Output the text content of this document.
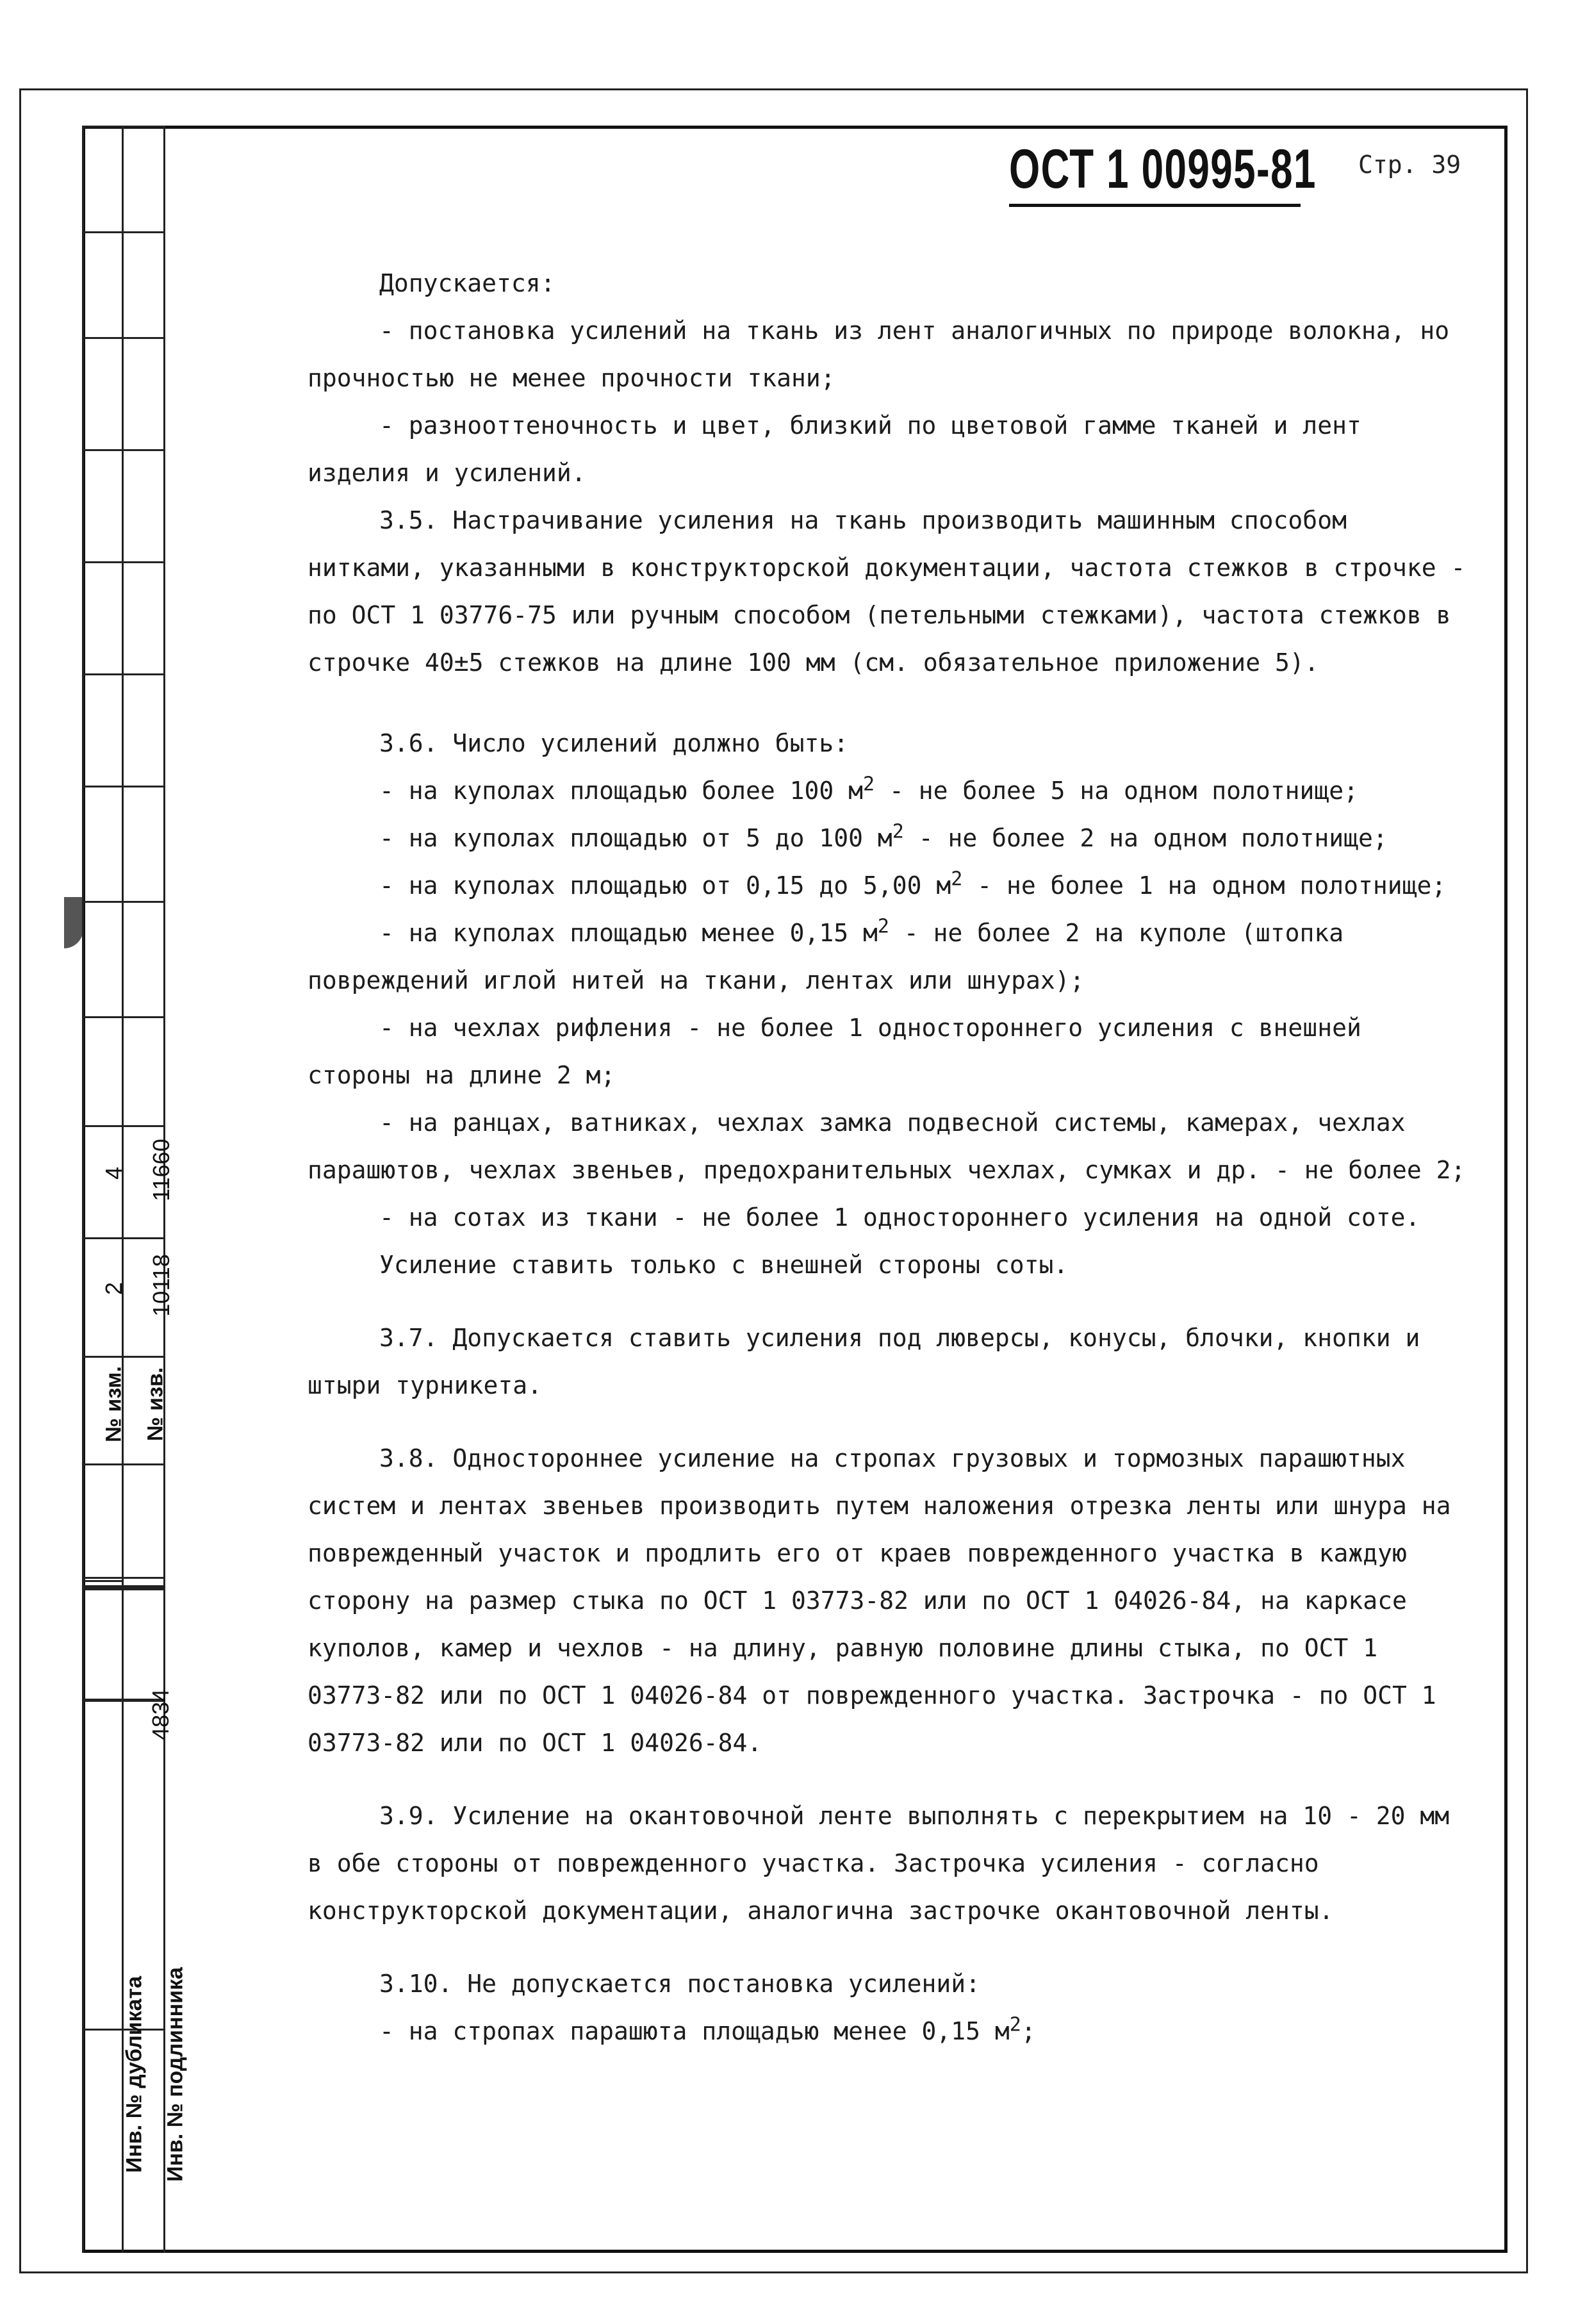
№ изм. № изв.
2 10118
4 11660
4834
Инв. № дубликата Инв. № подлинника
ОСТ 1 00995-81 Стр. 39

Допускается:

- постановка усилений на ткань из лент аналогичных по природе волокна, но прочностью не менее прочности ткани;

- разнооттеночность и цвет, близкий по цветовой гамме тканей и лент изделия и усилений.

3.5. Настрачивание усиления на ткань производить машинным способом нитками, указанными в конструкторской документации, частота стежков в строчке - по ОСТ 1 03776-75 или ручным способом (петельными стежками), частота стежков в строчке 40±5 стежков на длине 100 мм (см. обязательное приложение 5).

3.6. Число усилений должно быть:

- на куполах площадью более 100 $м^2$ - не более 5 на одном полотнище;

- на куполах площадью от 5 до 100 $м^2$ - не более 2 на одном полотнище;

- на куполах площадью от 0,15 до 5,00 $м^2$ - не более 1 на одном полотнище;

- на куполах площадью менее 0,15 $м^2$ - не более 2 на куполе (штопка повреждений иглой нитей на ткани, лентах или шнурах);

- на чехлах рифления - не более 1 одностороннего усиления с внешней стороны на длине 2 м;

- на ранцах, ватниках, чехлах замка подвесной системы, камерах, чехлах парашютов, чехлах звеньев, предохранительных чехлах, сумках и др. - не более 2;

- на сотах из ткани - не более 1 одностороннего усиления на одной соте.

Усиление ставить только с внешней стороны соты.

3.7. Допускается ставить усиления под люверсы, конусы, блочки, кнопки и штыри турникета.

3.8. Одностороннее усиление на стропах грузовых и тормозных парашютных систем и лентах звеньев производить путем наложения отрезка ленты или шнура на поврежденный участок и продлить его от краев поврежденного участка в каждую сторону на размер стыка по ОСТ 1 03773-82 или по ОСТ 1 04026-84, на каркасе куполов, камер и чехлов - на длину, равную половине длины стыка, по ОСТ 1 03773-82 или по ОСТ 1 04026-84 от поврежденного участка. Застрочка - по ОСТ 1 03773-82 или по ОСТ 1 04026-84.

3.9. Усиление на окантовочной ленте выполнять с перекрытием на 10 - 20 мм в обе стороны от поврежденного участка. Застрочка усиления - согласно конструкторской документации, аналогична застрочке окантовочной ленты.

3.10. Не допускается постановка усилений:

- на стропах парашюта площадью менее 0,15 $м^2$;
